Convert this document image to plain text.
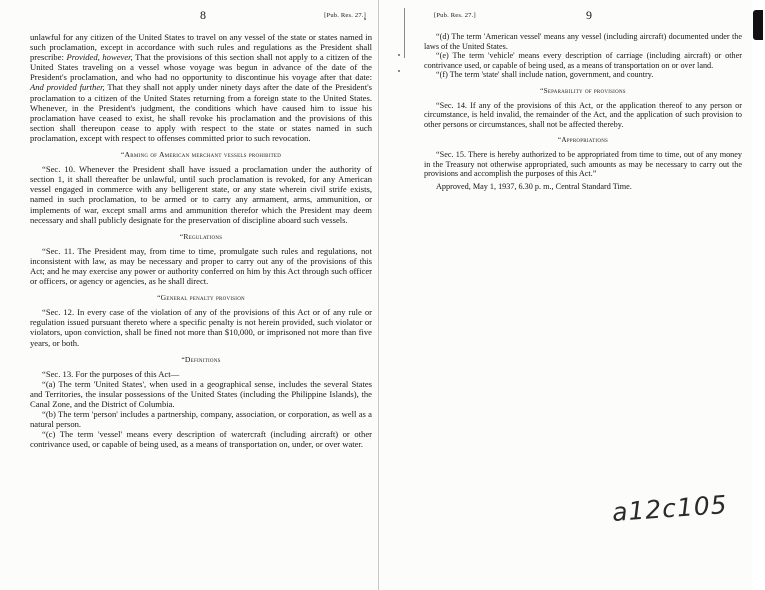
8	[Pub. Res. 27.]

unlawful for any citizen of the United States to travel on any vessel of the state or states named in such proclamation, except in accordance with such rules and regulations as the President shall prescribe: Provided, however, That the provisions of this section shall not apply to a citizen of the United States traveling on a vessel whose voyage was begun in advance of the date of the President's proclamation, and who had no opportunity to discontinue his voyage after that date: And provided further, That they shall not apply under ninety days after the date of the President's proclamation to a citizen of the United States returning from a foreign state to the United States. Whenever, in the President's judgment, the conditions which have caused him to issue his proclamation have ceased to exist, he shall revoke his proclamation and the provisions of this section shall thereupon cease to apply with respect to the state or states named in such proclamation, except with respect to offenses committed prior to such revocation.

“Arming of American merchant vessels prohibited

“Sec. 10. Whenever the President shall have issued a proclamation under the authority of section 1, it shall thereafter be unlawful, until such proclamation is revoked, for any American vessel engaged in commerce with any belligerent state, or any state wherein civil strife exists, named in such proclamation, to be armed or to carry any armament, arms, ammunition, or implements of war, except small arms and ammunition therefor which the President may deem necessary and shall publicly designate for the preservation of discipline aboard such vessels.

“Regulations

“Sec. 11. The President may, from time to time, promulgate such rules and regulations, not inconsistent with law, as may be necessary and proper to carry out any of the provisions of this Act; and he may exercise any power or authority conferred on him by this Act through such officer or officers, or agency or agencies, as he shall direct.

“General penalty provision

“Sec. 12. In every case of the violation of any of the provisions of this Act or of any rule or regulation issued pursuant thereto where a specific penalty is not herein provided, such violator or violators, upon conviction, shall be fined not more than $10,000, or imprisoned not more than five years, or both.

“Definitions

“Sec. 13. For the purposes of this Act—

“(a) The term 'United States', when used in a geographical sense, includes the several States and Territories, the insular possessions of the United States (including the Philippine Islands), the Canal Zone, and the District of Columbia.

“(b) The term 'person' includes a partnership, company, association, or corporation, as well as a natural person.

“(c) The term 'vessel' means every description of watercraft (including aircraft) or other contrivance used, or capable of being used, as a means of transportation on, under, or over water.

[Pub. Res. 27.]	9

“(d) The term 'American vessel' means any vessel (including aircraft) documented under the laws of the United States.

“(e) The term 'vehicle' means every description of carriage (including aircraft) or other contrivance used, or capable of being used, as a means of transportation on or over land.

“(f) The term 'state' shall include nation, government, and country.

“Separability of provisions

“Sec. 14. If any of the provisions of this Act, or the application thereof to any person or circumstance, is held invalid, the remainder of the Act, and the application of such provision to other persons or circumstances, shall not be affected thereby.

“Appropriations

“Sec. 15. There is hereby authorized to be appropriated from time to time, out of any money in the Treasury not otherwise appropriated, such amounts as may be necessary to carry out the provisions and accomplish the purposes of this Act.”

Approved, May 1, 1937, 6.30 p. m., Central Standard Time.

a12c105
